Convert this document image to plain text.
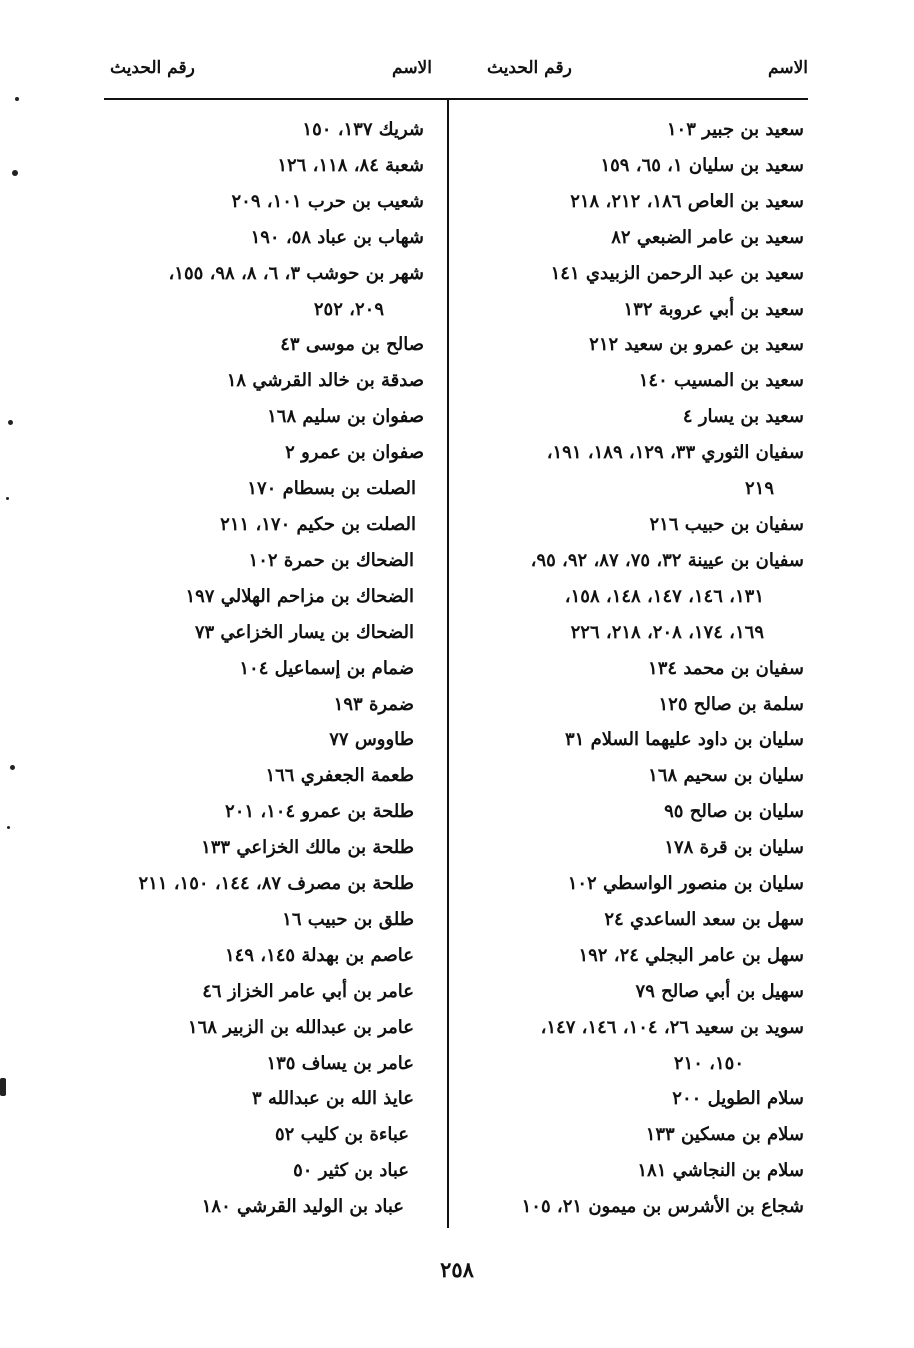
الاسم
رقم الحديث
الاسم
رقم الحديث
سعيد بن جبير ١٠٣
سعيد بن سليان ١، ٦٥، ١٥٩
سعيد بن العاص ١٨٦، ٢١٢، ٢١٨
سعيد بن عامر الضبعي ٨٢
سعيد بن عبد الرحمن الزبيدي ١٤١
سعيد بن أبي عروبة ١٣٢
سعيد بن عمرو بن سعيد ٢١٢
سعيد بن المسيب ١٤٠
سعيد بن يسار ٤
سفيان الثوري ٣٣، ١٢٩، ١٨٩، ١٩١،
٢١٩
سفيان بن حبيب ٢١٦
سفيان بن عيينة ٣٢، ٧٥، ٨٧، ٩٢، ٩٥،
١٣١، ١٤٦، ١٤٧، ١٤٨، ١٥٨،
١٦٩، ١٧٤، ٢٠٨، ٢١٨، ٢٢٦
سفيان بن محمد ١٣٤
سلمة بن صالح ١٢٥
سليان بن داود عليهما السلام ٣١
سليان بن سحيم ١٦٨
سليان بن صالح ٩٥
سليان بن قرة ١٧٨
سليان بن منصور الواسطي ١٠٢
سهل بن سعد الساعدي ٢٤
سهل بن عامر البجلي ٢٤، ١٩٢
سهيل بن أبي صالح ٧٩
سويد بن سعيد ٢٦، ١٠٤، ١٤٦، ١٤٧،
١٥٠، ٢١٠
سلام الطويل ٢٠٠
سلام بن مسكين ١٣٣
سلام بن النجاشي ١٨١
شجاع بن الأشرس بن ميمون ٢١، ١٠٥
شريك ١٣٧، ١٥٠
شعبة ٨٤، ١١٨، ١٢٦
شعيب بن حرب ١٠١، ٢٠٩
شهاب بن عباد ٥٨، ١٩٠
شهر بن حوشب ٣، ٦، ٨، ٩٨، ١٥٥،
٢٠٩، ٢٥٢
صالح بن موسى ٤٣
صدقة بن خالد القرشي ١٨
صفوان بن سليم ١٦٨
صفوان بن عمرو ٢
الصلت بن بسطام ١٧٠
الصلت بن حكيم ١٧٠، ٢١١
الضحاك بن حمرة ١٠٢
الضحاك بن مزاحم الهلالي ١٩٧
الضحاك بن يسار الخزاعي ٧٣
ضمام بن إسماعيل ١٠٤
ضمرة ١٩٣
طاووس ٧٧
طعمة الجعفري ١٦٦
طلحة بن عمرو ١٠٤، ٢٠١
طلحة بن مالك الخزاعي ١٣٣
طلحة بن مصرف ٨٧، ١٤٤، ١٥٠، ٢١١
طلق بن حبيب ١٦
عاصم بن بهدلة ١٤٥، ١٤٩
عامر بن أبي عامر الخزاز ٤٦
عامر بن عبدالله بن الزبير ١٦٨
عامر بن يساف ١٣٥
عايذ الله بن عبدالله ٣
عباءة بن كليب ٥٢
عباد بن كثير ٥٠
عباد بن الوليد القرشي ١٨٠
٢٥٨
